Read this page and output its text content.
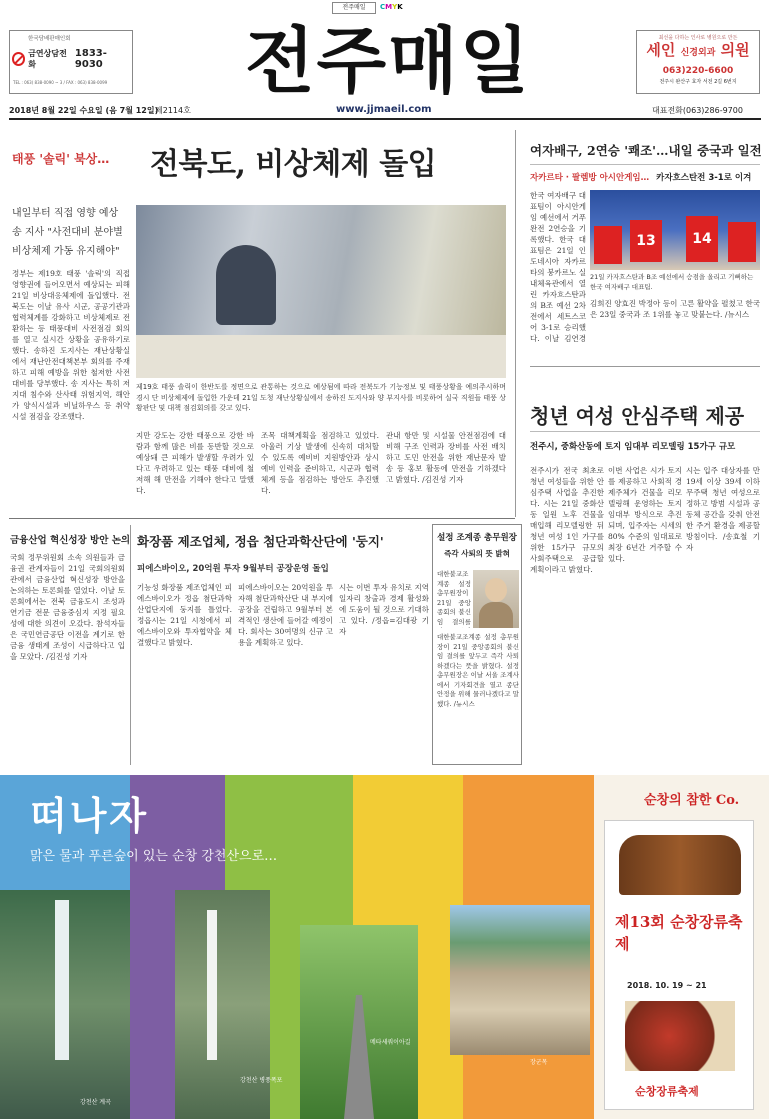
전주매일	CMYK
한국담배판매인회
금연상담전화
1833-9030
TEL : 063) 838-0090 ~ 3 / FAX : 063) 838-0099	전주매일	최선을 다하는 인사로 병원으로 만든
세인 신경외과 의원
063)220-6600
전주시 완산구 효자 서전 2길 6번지
2018년 8월 22일 수요일 (음 7월 12일)
제2114호	www.jjmaeil.com	대표전화(063)286-9700
태풍 '솔릭' 북상… 전북도, 비상체제 돌입
내일부터 직접 영향 예상
송 지사 "사전대비 분야별
비상체제 가동 유지해야"
정부는 제19호 태풍 '솔릭'의 직접 영향권에 들어오면서 예상되는 피해 21일 비상대응체제에 돌입했다. 전북도는 이날 유사 시군, 공공기관과 협력체계를 강화하고 비상체제로 전환하는 등 태풍대비 사전점검 회의를 열고 실시간 상황을 공유하기로 했다. 송하진 도지사는 재난상황실에서 재난안전대책본부 회의를 주재하고 피해 예방을 위한 철저한 사전 대비를 당부했다. 송 지사는 특히 저지대 침수와 산사태 위험지역, 해안가 양식시설과 비닐하우스 등 취약시설 점검을 강조했다.
제19호 태풍 솔릭이 한반도를 정면으로 관통하는 것으로 예상됨에 따라 전북도가 기능정보 및 태풍상황을 예의주시하며 경시 단 비상체제에 돌입한 가운데 21일 도청 재난상황실에서 송하진 도지사와 양 부지사를 비롯하여 실국 직원들 태풍 상황판단 및 대책 점검회의를 갖고 있다.
지만 강도는 강한 태풍으로 강한 바람과 함께 많은 비를 동반할 것으로 예상돼 큰 피해가 발생할 우려가 있다고 우려하고 있는 태풍 대비에 철저해 해 만전을 기해야 한다고 말했다.
조목 대책계획을 점검하고 있었다. 아울러 기상 발생에 신속히 대처할 수 있도록 예비비 지원방안과 상시예비 인력을 준비하고, 시군과 협력 체계 등을 점검하는 방안도 추진했다.
관내 항만 및 시설물 안전점검에 대비해 구조 인력과 장비를 사전 배치하고 도민 안전을 위한 재난문자 발송 등 홍보 활동에 만전을 기하겠다고 밝혔다. /김진성 기자
여자배구, 2연승 '쾌조'…내일 중국과 일전
자카르타 · 팔렘방 아시안게임… 카자흐스탄전 3-1로 이겨
한국 여자배구 대표팀이 아시안게임 예선에서 거푸 완전 2연승을 기록했다. 한국 대표팀은 21일 인도네시아 자카르타의 붕카르노 실내체육관에서 열린 카자흐스탄과의 B조 예선 2차전에서 세트스코어 3-1로 승리했다. 이날 김연경
13	14
21일 카자흐스탄과 B조 예선에서 승점을 올리고 기뻐하는 한국 여자배구 대표팀.
김희진 양효진 박정아 등이 고른 활약을 펼쳤고 한국은 23일 중국과 조 1위를 놓고 맞붙는다. /뉴시스
청년 여성 안심주택 제공
전주시, 중화산동에 토지 임대부 리모델링 15가구 규모
전주시가 전국 최초로 청년 여성들을 위한 안심주택 사업을 추진한다. 시는 21일 중화산동 일원 노후 건물을 매입해 리모델링한 뒤 청년 여성 1인 가구를 위한 15가구 규모의 사회주택으로 공급할 계획이라고 밝혔다.
이번 사업은 시가 토지를 제공하고 사회적 경제주체가 건물을 리모델링해 운영하는 토지임대부 방식으로 추진되며, 입주자는 시세의 80% 수준의 임대료로 최장 6년간 거주할 수 있다.
시는 입주 대상자를 만 19세 이상 39세 이하 무주택 청년 여성으로 정하고 방범 시설과 공동체 공간을 갖춰 안전한 주거 환경을 제공할 방침이다. /송효철 기자
금융산업 혁신성장 방안 논의
국회 정무위원회 소속 의원들과 금융권 관계자들이 21일 국회의원회관에서 금융산업 혁신성장 방안을 논의하는 토론회를 열었다. 이날 토론회에서는 전북 금융도시 조성과 연기금 전문 금융중심지 지정 필요성에 대한 의견이 오갔다. 참석자들은 국민연금공단 이전을 계기로 한 금융 생태계 조성이 시급하다고 입을 모았다. /김진성 기자
화장품 제조업체, 정읍 첨단과학산단에 '둥지'
피에스바이오, 20억원 투자 9월부터 공장운영 돌입
기능성 화장품 제조업체인 피에스바이오가 정읍 첨단과학산업단지에 둥지를 틀었다. 정읍시는 21일 시청에서 피에스바이오와 투자협약을 체결했다고 밝혔다.
피에스바이오는 20억원을 투자해 첨단과학산단 내 부지에 공장을 건립하고 9월부터 본격적인 생산에 들어갈 예정이다. 회사는 30여명의 신규 고용을 계획하고 있다.
시는 이번 투자 유치로 지역 일자리 창출과 경제 활성화에 도움이 될 것으로 기대하고 있다. /정읍=김대광 기자
설정 조계종 총무원장
즉각 사퇴의 뜻 밝혀
대한불교조계종 설정 총무원장이 21일 중앙종회의 불신임 결의를
대한불교조계종 설정 총무원장이 21일 중앙종회의 불신임 결의를 앞두고 즉각 사퇴하겠다는 뜻을 밝혔다. 설정 총무원장은 이날 서울 조계사에서 기자회견을 열고 종단 안정을 위해 물러나겠다고 말했다. /뉴시스
떠나자
맑은 물과 푸른숲이 있는 순창 강천산으로…
강천산 계곡
강천산 병풍폭포
메타세쿼이아길
장군목
순창의 참한 Co.
제13회 순창장류축제
2018. 10. 19 ~ 21
순창장류축제
